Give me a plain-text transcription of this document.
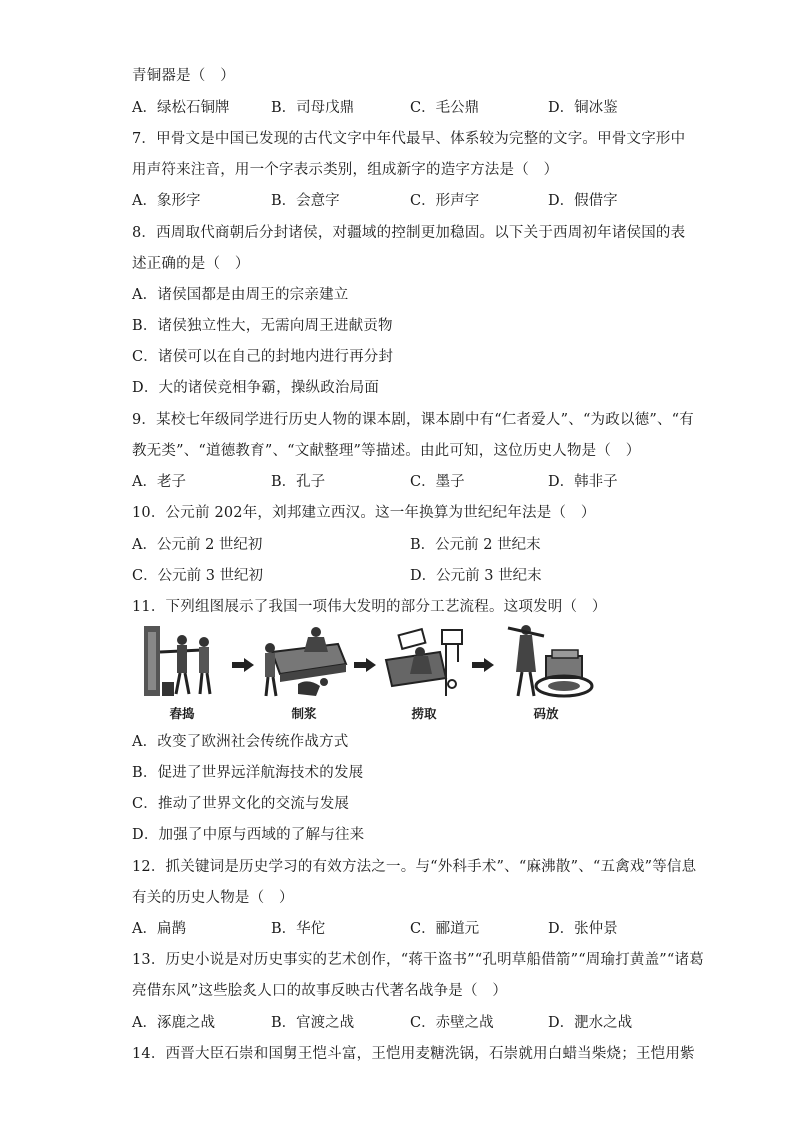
青铜器是（　）
A．绿松石铜牌	B．司母戊鼎	C．毛公鼎	D．铜冰鉴
7．甲骨文是中国已发现的古代文字中年代最早、体系较为完整的文字。甲骨文字形中
用声符来注音，用一个字表示类别，组成新字的造字方法是（　）
A．象形字	B．会意字	C．形声字	D．假借字
8．西周取代商朝后分封诸侯，对疆域的控制更加稳固。以下关于西周初年诸侯国的表
述正确的是（　）
A．诸侯国都是由周王的宗亲建立
B．诸侯独立性大，无需向周王进献贡物
C．诸侯可以在自己的封地内进行再分封
D．大的诸侯竞相争霸，操纵政治局面
9．某校七年级同学进行历史人物的课本剧，课本剧中有“仁者爱人”、“为政以德”、“有
教无类”、“道德教育”、“文献整理”等描述。由此可知，这位历史人物是（　）
A．老子	B．孔子	C．墨子	D．韩非子
10．公元前 202年，刘邦建立西汉。这一年换算为世纪纪年法是（　）
A．公元前 2 世纪初	B．公元前 2 世纪末
C．公元前 3 世纪初	D．公元前 3 世纪末
11．下列组图展示了我国一项伟大发明的部分工艺流程。这项发明（　）
舂捣	制浆	捞取	码放
A．改变了欧洲社会传统作战方式
B．促进了世界远洋航海技术的发展
C．推动了世界文化的交流与发展
D．加强了中原与西域的了解与往来
12．抓关键词是历史学习的有效方法之一。与“外科手术”、“麻沸散”、“五禽戏”等信息
有关的历史人物是（　）
A．扁鹊	B．华佗	C．郦道元	D．张仲景
13．历史小说是对历史事实的艺术创作，“蒋干盗书”“孔明草船借箭”“周瑜打黄盖”“诸葛
亮借东风”这些脍炙人口的故事反映古代著名战争是（　）
A．涿鹿之战	B．官渡之战	C．赤壁之战	D．淝水之战
14．西晋大臣石崇和国舅王恺斗富，王恺用麦糖洗锅，石崇就用白蜡当柴烧；王恺用紫
